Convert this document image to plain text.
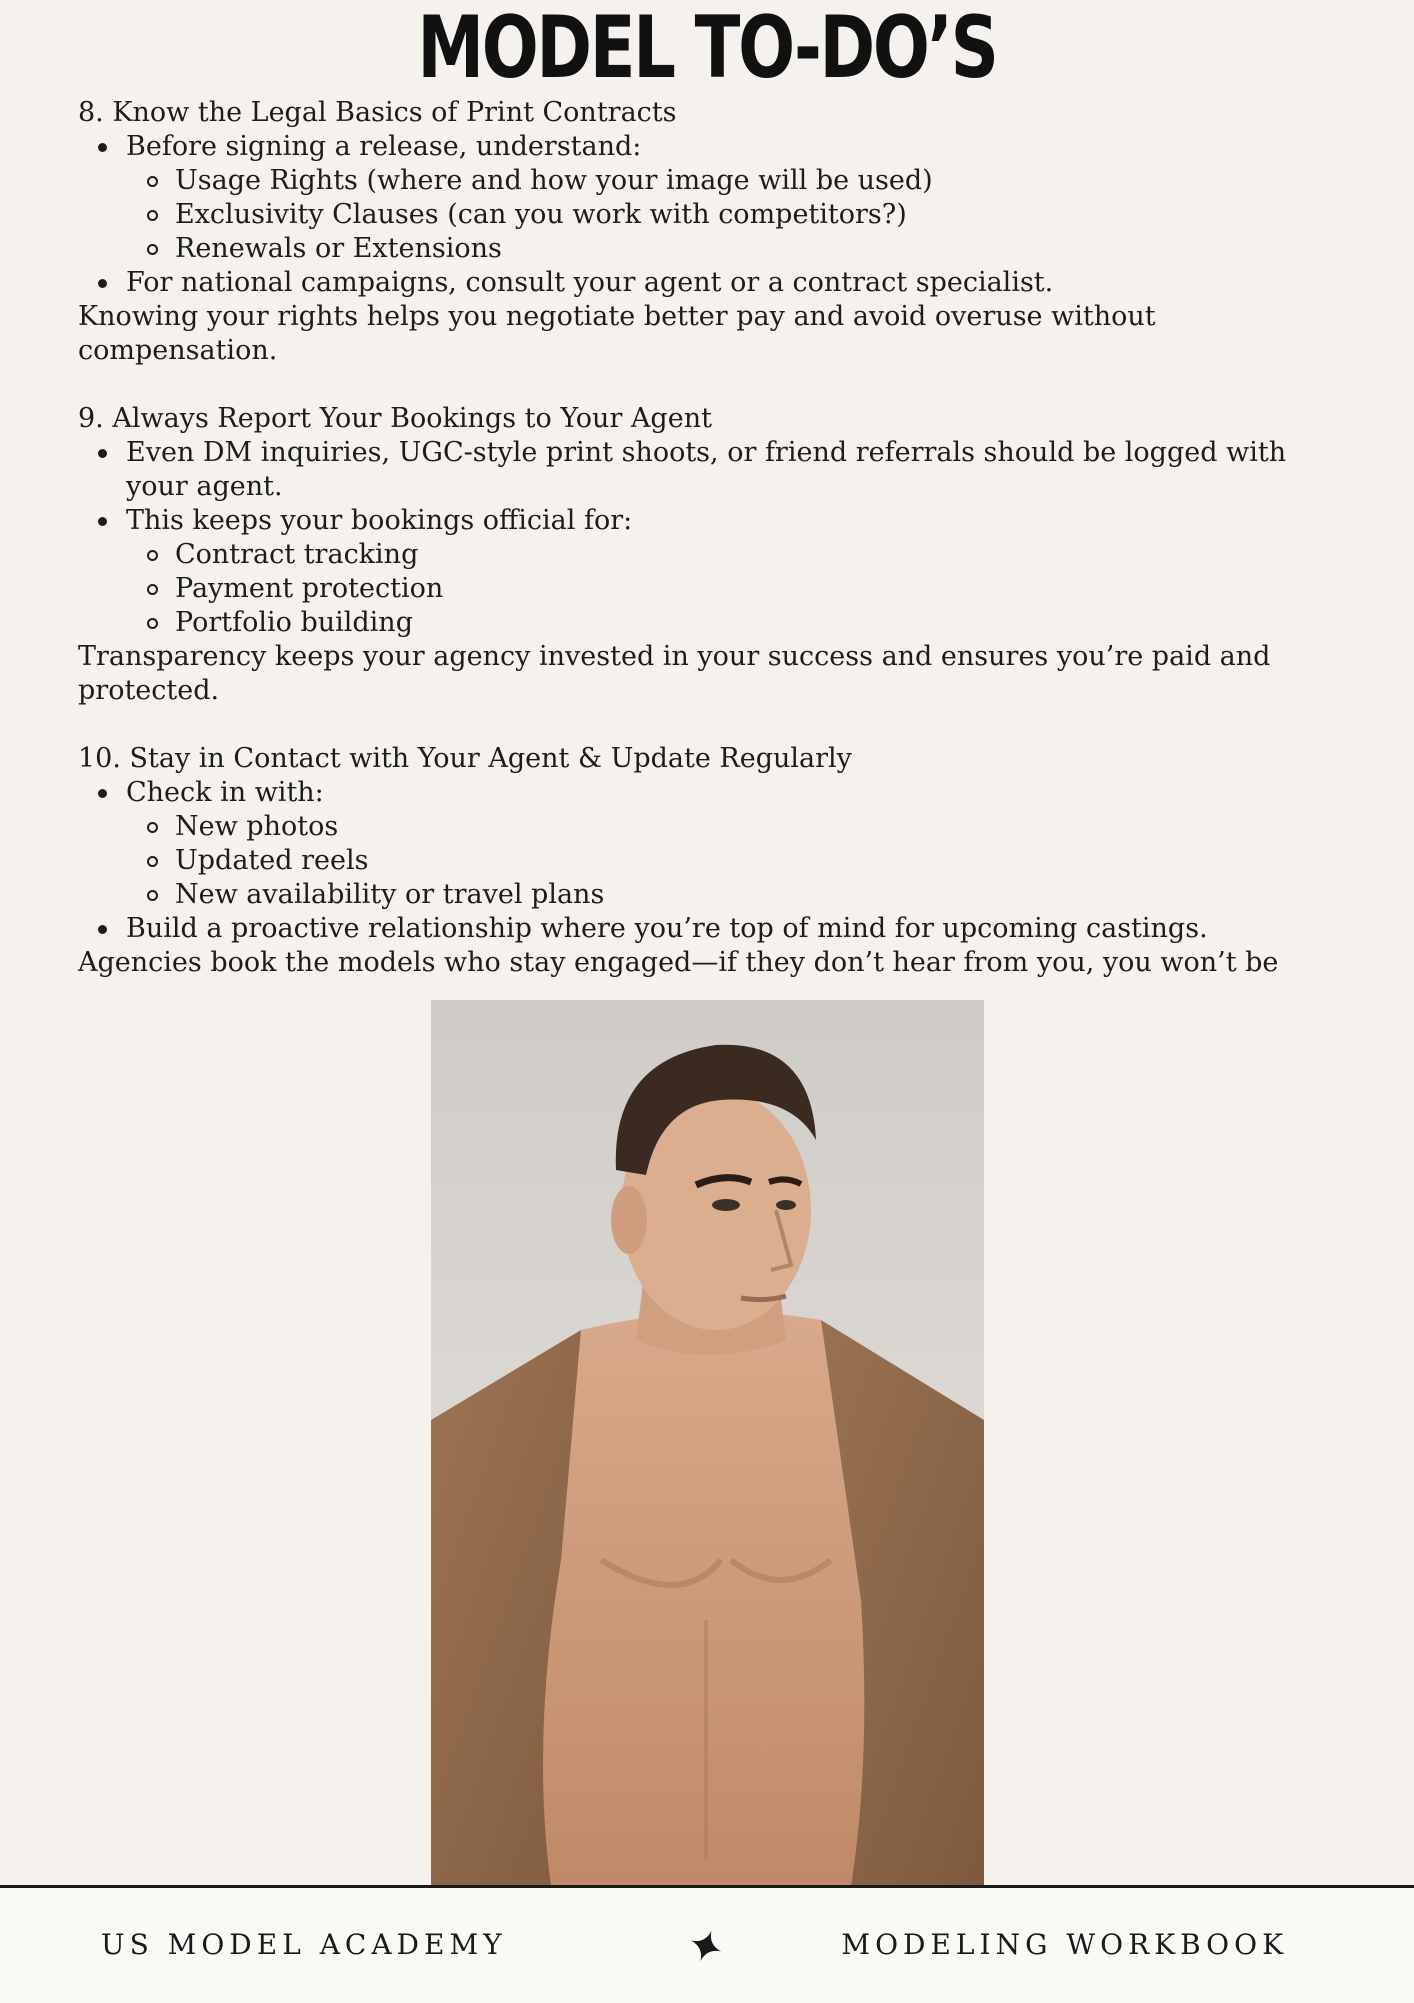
MODEL TO-DO’S

8. Know the Legal Basics of Print Contracts

Before signing a release, understand:
Usage Rights (where and how your image will be used)
Exclusivity Clauses (can you work with competitors?)
Renewals or Extensions
For national campaigns, consult your agent or a contract specialist.

Knowing your rights helps you negotiate better pay and avoid overuse without compensation.

9. Always Report Your Bookings to Your Agent

Even DM inquiries, UGC-style print shoots, or friend referrals should be logged with your agent.
This keeps your bookings official for:
Contract tracking
Payment protection
Portfolio building

Transparency keeps your agency invested in your success and ensures you’re paid and protected.

10. Stay in Contact with Your Agent & Update Regularly

Check in with:
New photos
Updated reels
New availability or travel plans
Build a proactive relationship where you’re top of mind for upcoming castings.

Agencies book the models who stay engaged—if they don’t hear from you, you won’t be

US MODEL ACADEMY	MODELING WORKBOOK
